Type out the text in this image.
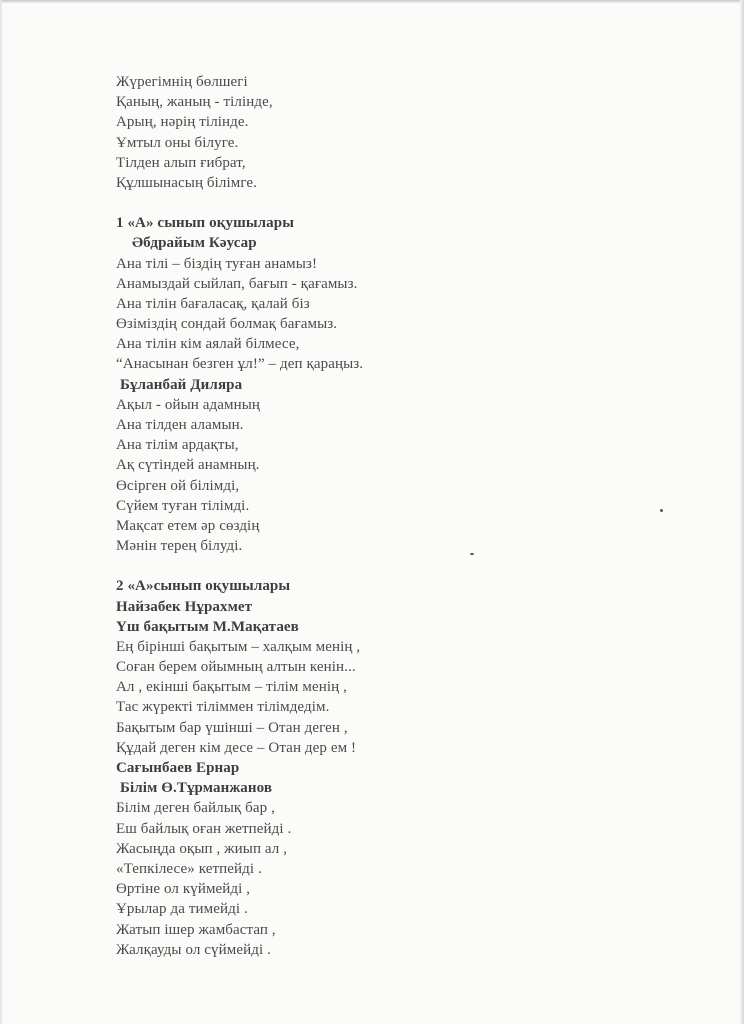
Жүрегімнің бөлшегі
Қаның, жаның - тілінде,
Арың, нәрің тілінде.
Ұмтыл оны білуге.
Тілден алып ғибрат,
Құлшынасың білімге.
1 «А» сынып оқушылары
Әбдрайым Кәусар
Ана тілі – біздің туған анамыз!
Анамыздай сыйлап, бағып - қағамыз.
Ана тілін бағаласақ, қалай біз
Өзіміздің сондай болмақ бағамыз.
Ана тілін кім аялай білмесе,
“Анасынан безген ұл!” – деп қараңыз.
Бұланбай Диляра
Ақыл - ойын адамның
Ана тілден аламын.
Ана тілім ардақты,
Ақ сүтіндей анамның.
Өсірген ой білімді,
Сүйем туған тілімді.
Мақсат етем әр сөздің
Мәнін терең білуді.
2 «А»сынып оқушылары
Найзабек Нұрахмет
Үш бақытым М.Мақатаев
Ең бірінші бақытым – халқым менің ,
Соған берем ойымның алтын кенін...
Ал , екінші бақытым – тілім менің ,
Тас жүректі тіліммен тілімдедім.
Бақытым бар үшінші – Отан деген ,
Құдай деген кім десе – Отан дер ем !
Сағынбаев Ернар
Білім Ө.Тұрманжанов
Білім деген байлық бар ,
Еш байлық оған жетпейді .
Жасыңда оқып , жиып ал ,
«Тепкілесе» кетпейді .
Өртіне ол күймейді ,
Ұрылар да тимейді .
Жатып ішер жамбастап ,
Жалқауды ол сүймейді .
